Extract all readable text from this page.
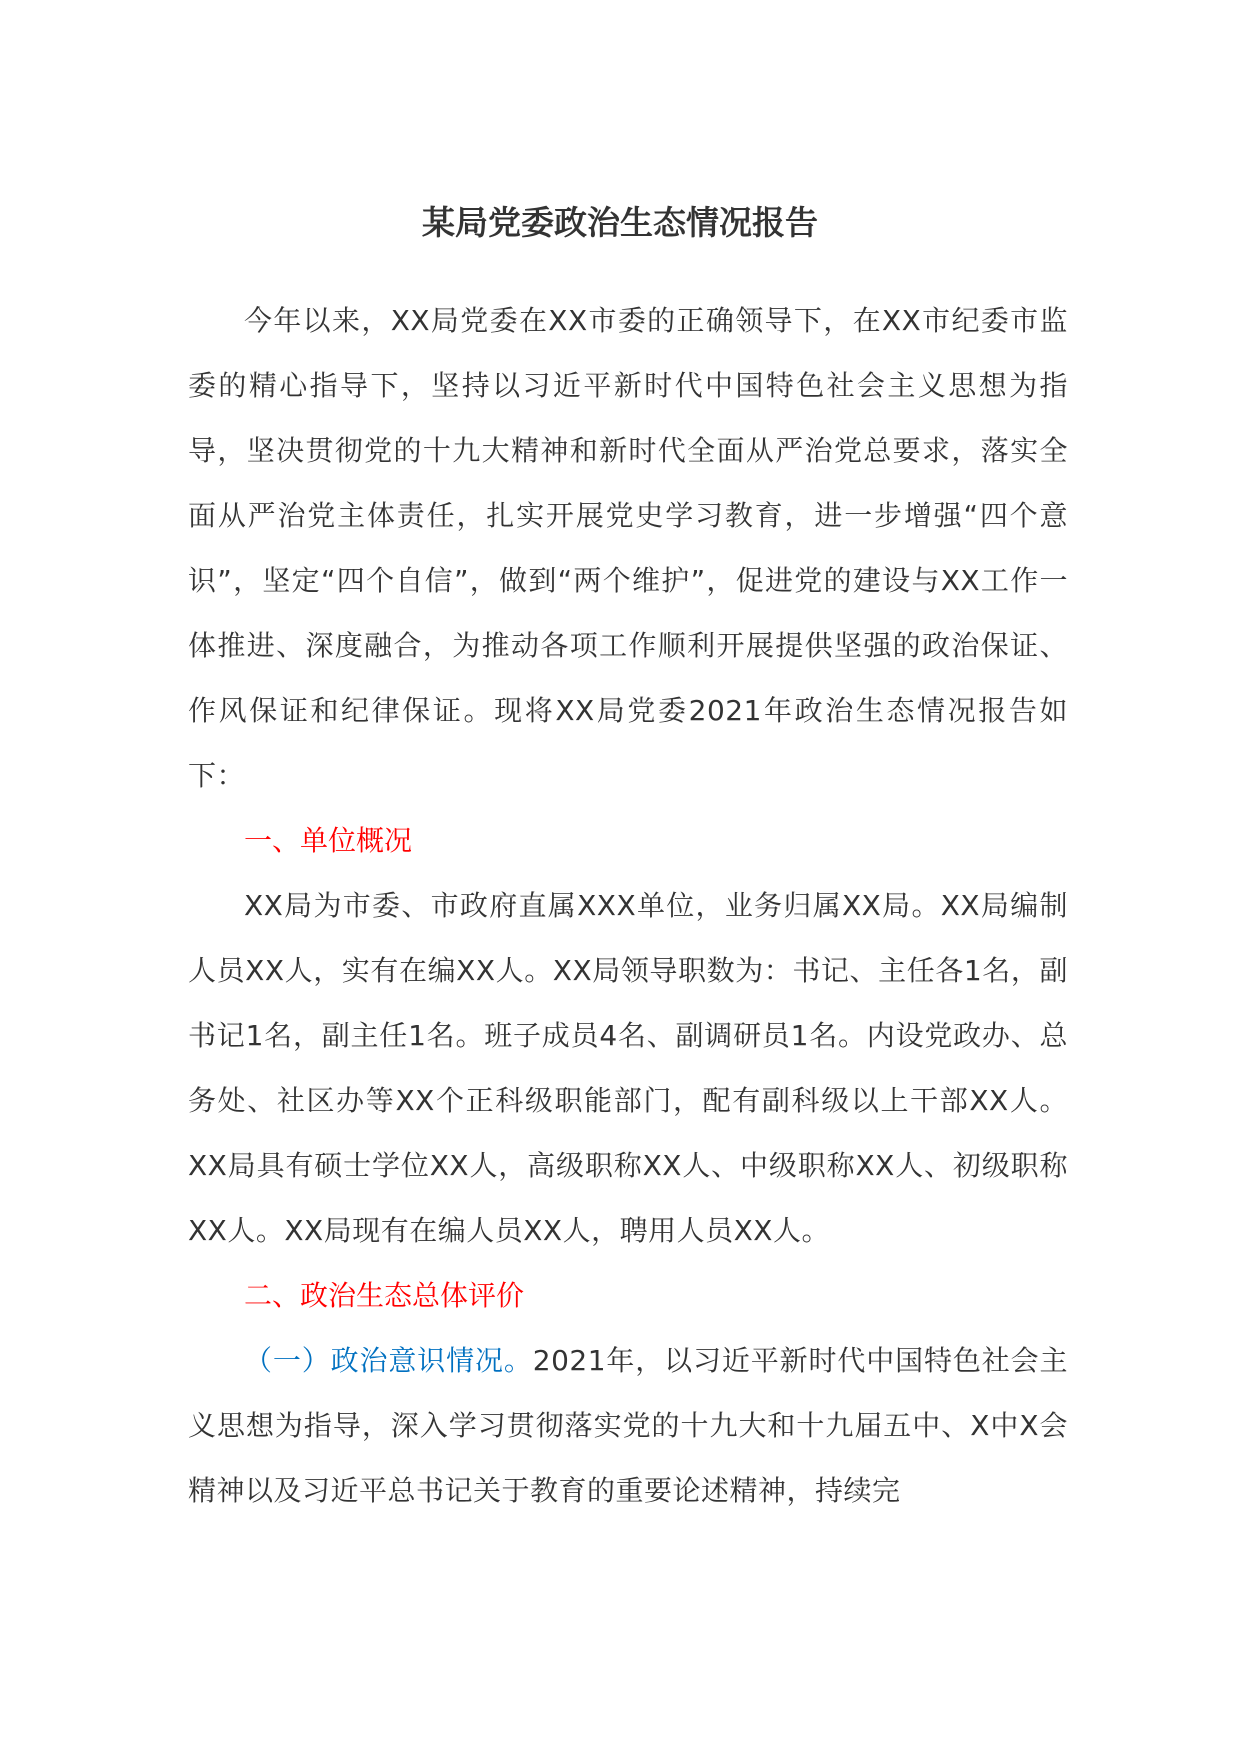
某局党委政治生态情况报告

今年以来，XX局党委在XX市委的正确领导下，在XX市纪委市监委的精心指导下，坚持以习近平新时代中国特色社会主义思想为指导，坚决贯彻党的十九大精神和新时代全面从严治党总要求，落实全面从严治党主体责任，扎实开展党史学习教育，进一步增强“四个意识”，坚定“四个自信”，做到“两个维护”，促进党的建设与XX工作一体推进、深度融合，为推动各项工作顺利开展提供坚强的政治保证、作风保证和纪律保证。现将XX局党委2021年政治生态情况报告如下：

一、单位概况

XX局为市委、市政府直属XXX单位，业务归属XX局。XX局编制人员XX人，实有在编XX人。XX局领导职数为：书记、主任各1名，副书记1名，副主任1名。班子成员4名、副调研员1名。内设党政办、总务处、社区办等XX个正科级职能部门，配有副科级以上干部XX人。XX局具有硕士学位XX人，高级职称XX人、中级职称XX人、初级职称XX人。XX局现有在编人员XX人，聘用人员XX人。

二、政治生态总体评价

（一）政治意识情况。2021年，以习近平新时代中国特色社会主义思想为指导，深入学习贯彻落实党的十九大和十九届五中、X中X会精神以及习近平总书记关于教育的重要论述精神，持续完
